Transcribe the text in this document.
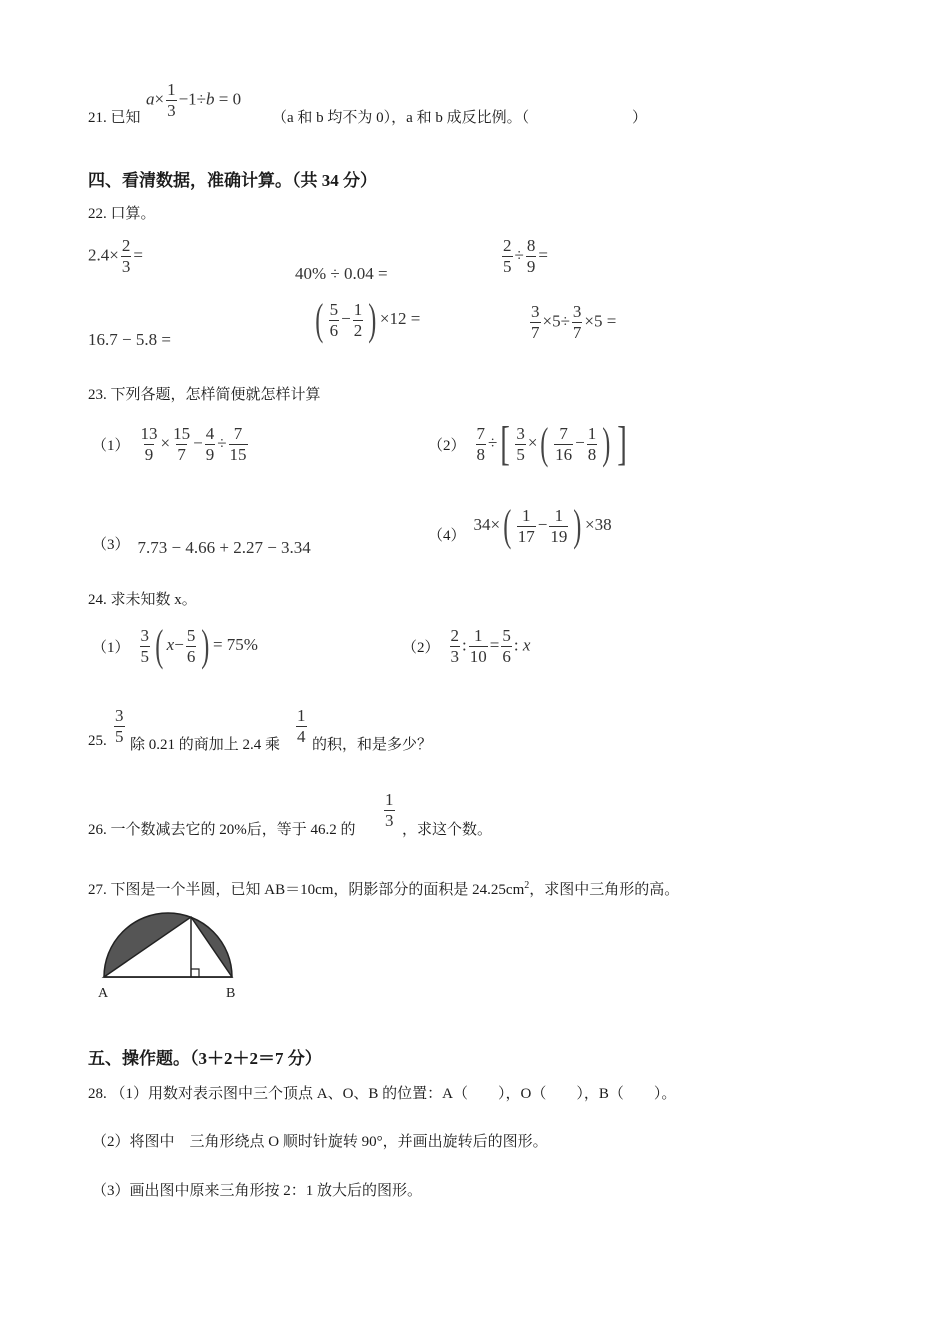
21. 已知
$a\times \frac{1}{3} -1\div b = 0$
（a 和 b 均不为 0），a 和 b 成反比例。（	）
四、看清数据，准确计算。（共 34 分）
22. 口算。
$2.4\times \frac{2}{3}$ =
40% ÷ 0.04 =	$\frac{2}{5} \div \frac{8}{9}$ =
16.7 − 5.8 =	( $\frac{5}{6} - \frac{1}{2}$ ) ×12 =	$\frac{3}{7} \times 5\div \frac{3}{7} \times 5$ =
23. 下列各题，怎样简便就怎样计算
$(1) \frac{13}{9} \times \frac{15}{7} - \frac{4}{9} \div \frac{7}{15}$	$(2) \frac{7}{8}$ ÷[ $\frac{3}{5}$ ×( $\frac{7}{16} - \frac{1}{8}$ ) ]
（3） 7.73 − 4.66 + 2.27 − 3.34
（4）
$34\times( \frac{1}{17} - \frac{1}{19}$ ) ×38
24. 求未知数 x。
$(1) \frac{3}{5}$ ( $x- \frac{5}{6}$ ) = 75%	$(2) \frac{2}{3}$ : $\frac{1}{10} = \frac{5}{6}$ : x
25. $\frac{3}{5}$ 除 0.21 的商加上 2.4 乘 $\frac{1}{4}$ 的积，和是多少？
26. 一个数减去它的 20%后，等于 46.2 的 $\frac{1}{3}$ ，求这个数。
27. 下图是一个半圆，已知 AB＝10cm，阴影部分的面积是 $24.25cm^2$，求图中三角形的高。
A	B
五、操作题。（3＋2＋2＝7 分）
28. （1）用数对表示图中三个顶点 A、O、B 的位置：A（　　），O（　　），B（　　）。
（2）将图中　三角形绕点 O 顺时针旋转 90°，并画出旋转后的图形。
（3）画出图中原来三角形按 2：1 放大后的图形。
